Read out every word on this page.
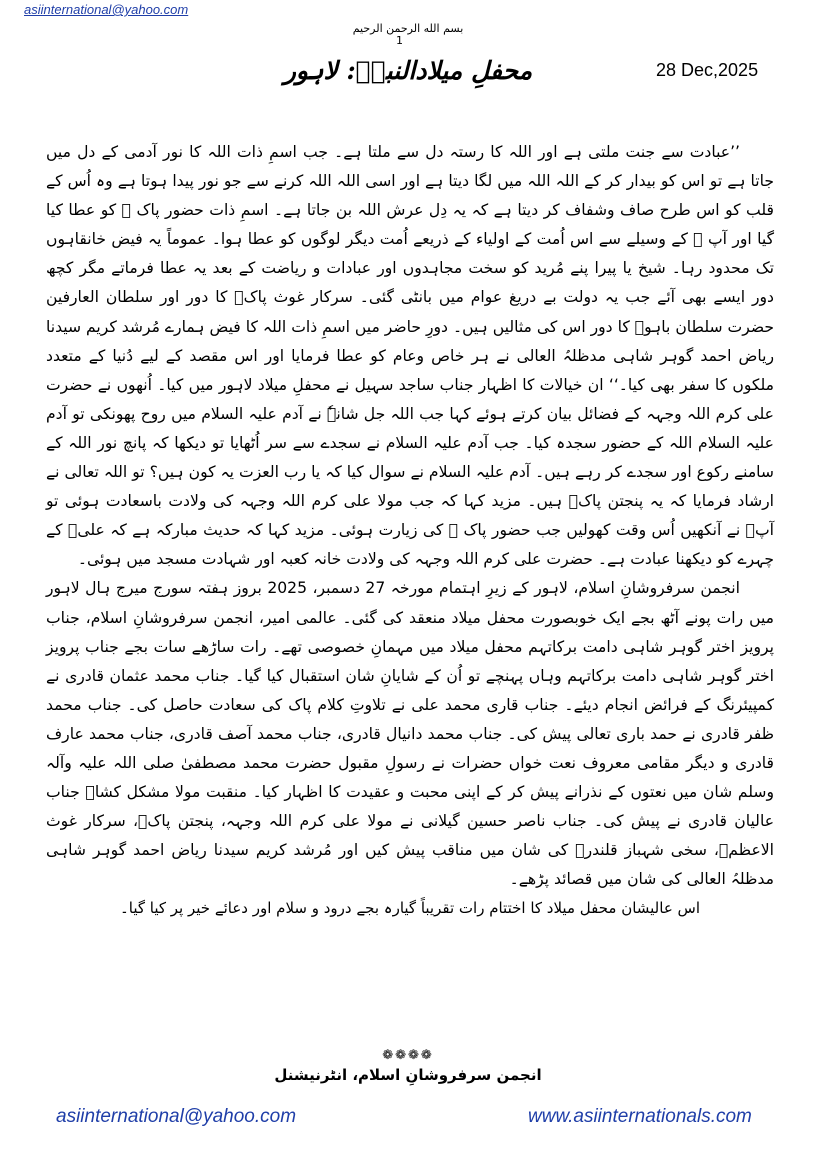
asiinternational@yahoo.com
بسم الله الرحمن الرحیم
1
28 Dec,2025
محفلِ میلادالنبیؐ: لاہور

’’عبادت سے جنت ملتی ہے اور اللہ کا رستہ دل سے ملتا ہے۔ جب اسمِ ذات اللہ کا نور آدمی کے دل میں جاتا ہے تو اس کو بیدار کر کے اللہ اللہ میں لگا دیتا ہے اور اسی اللہ اللہ کرنے سے جو نور پیدا ہوتا ہے وہ اُس کے قلب کو اس طرح صاف وشفاف کر دیتا ہے کہ یہ دِل عرش اللہ بن جاتا ہے۔ اسمِ ذات حضور پاک ﷺ کو عطا کیا گیا اور آپ ﷺ کے وسیلے سے اس اُمت کے اولیاء کے ذریعے اُمت دیگر لوگوں کو عطا ہوا۔ عموماً یہ فیض خانقاہوں تک محدود رہا۔ شیخ یا پیرا پنے مُرید کو سخت مجاہدوں اور عبادات و ریاضت کے بعد یہ عطا فرماتے مگر کچھ دور ایسے بھی آئے جب یہ دولت بے دریغ عوام میں بانٹی گئی۔ سرکار غوث پاکؓ کا دور اور سلطان العارفین حضرت سلطان باہوؒ کا دور اس کی مثالیں ہیں۔ دورِ حاضر میں اسمِ ذات اللہ کا فیض ہمارے مُرشد کریم سیدنا ریاض احمد گوہر شاہی مدظلہُ العالی نے ہر خاص وعام کو عطا فرمایا اور اس مقصد کے لیے دُنیا کے متعدد ملکوں کا سفر بھی کیا۔‘‘ ان خیالات کا اظہار جناب ساجد سہیل نے محفلِ میلاد لاہور میں کیا۔ اُنھوں نے حضرت علی کرم اللہ وجہہ کے فضائل بیان کرتے ہوئے کہا جب اللہ جل شانہٗ نے آدم علیہ السلام میں روح پھونکی تو آدم علیہ السلام اللہ کے حضور سجدہ کیا۔ جب آدم علیہ السلام نے سجدے سے سر اُٹھایا تو دیکھا کہ پانچ نور اللہ کے سامنے رکوع اور سجدے کر رہے ہیں۔ آدم علیہ السلام نے سوال کیا کہ یا رب العزت یہ کون ہیں؟ تو اللہ تعالی نے ارشاد فرمایا کہ یہ پنجتن پاکؑ ہیں۔ مزید کہا کہ جب مولا علی کرم اللہ وجہہ کی ولادت باسعادت ہوئی تو آپؑ نے آنکھیں اُس وقت کھولیں جب حضور پاک ﷺ کی زیارت ہوئی۔ مزید کہا کہ حدیث مبارکہ ہے کہ علیؑ کے چہرے کو دیکھنا عبادت ہے۔ حضرت علی کرم اللہ وجہہ کی ولادت خانہ کعبہ اور شہادت مسجد میں ہوئی۔

انجمن سرفروشانِ اسلام، لاہور کے زیرِ اہتمام مورخہ 27 دسمبر، 2025 بروز ہفتہ سورج میرج ہال لاہور میں رات پونے آٹھ بجے ایک خوبصورت محفل میلاد منعقد کی گئی۔ عالمی امیر، انجمن سرفروشانِ اسلام، جناب پرویز اختر گوہر شاہی دامت برکاتہم محفل میلاد میں مہمانِ خصوصی تھے۔ رات ساڑھے سات بجے جناب پرویز اختر گوہر شاہی دامت برکاتہم وہاں پہنچے تو اُن کے شایانِ شان استقبال کیا گیا۔ جناب محمد عثمان قادری نے کمپیئرنگ کے فرائض انجام دیئے۔ جناب قاری محمد علی نے تلاوتِ کلام پاک کی سعادت حاصل کی۔ جناب محمد ظفر قادری نے حمد باری تعالی پیش کی۔ جناب محمد دانیال قادری، جناب محمد آصف قادری، جناب محمد عارف قادری و دیگر مقامی معروف نعت خواں حضرات نے رسولِ مقبول حضرت محمد مصطفیٰ صلی اللہ علیہ وآلہ وسلم شان میں نعتوں کے نذرانے پیش کر کے اپنی محبت و عقیدت کا اظہار کیا۔ منقبت مولا مشکل کشاؓ جناب عالیان قادری نے پیش کی۔ جناب ناصر حسین گیلانی نے مولا علی کرم اللہ وجہہ، پنجتن پاکؑ، سرکار غوث الاعظمؓ، سخی شہباز قلندرؒ کی شان میں مناقب پیش کیں اور مُرشد کریم سیدنا ریاض احمد گوہر شاہی مدظلہُ العالی کی شان میں قصائد پڑھے۔

اس عالیشان محفل میلاد کا اختتام رات تقریباً گیارہ بجے درود و سلام اور دعائے خیر پر کیا گیا۔

❁❁❁❁
انجمن سرفروشانِ اسلام، انٹرنیشنل
asiinternational@yahoo.com	www.asiinternationals.com
